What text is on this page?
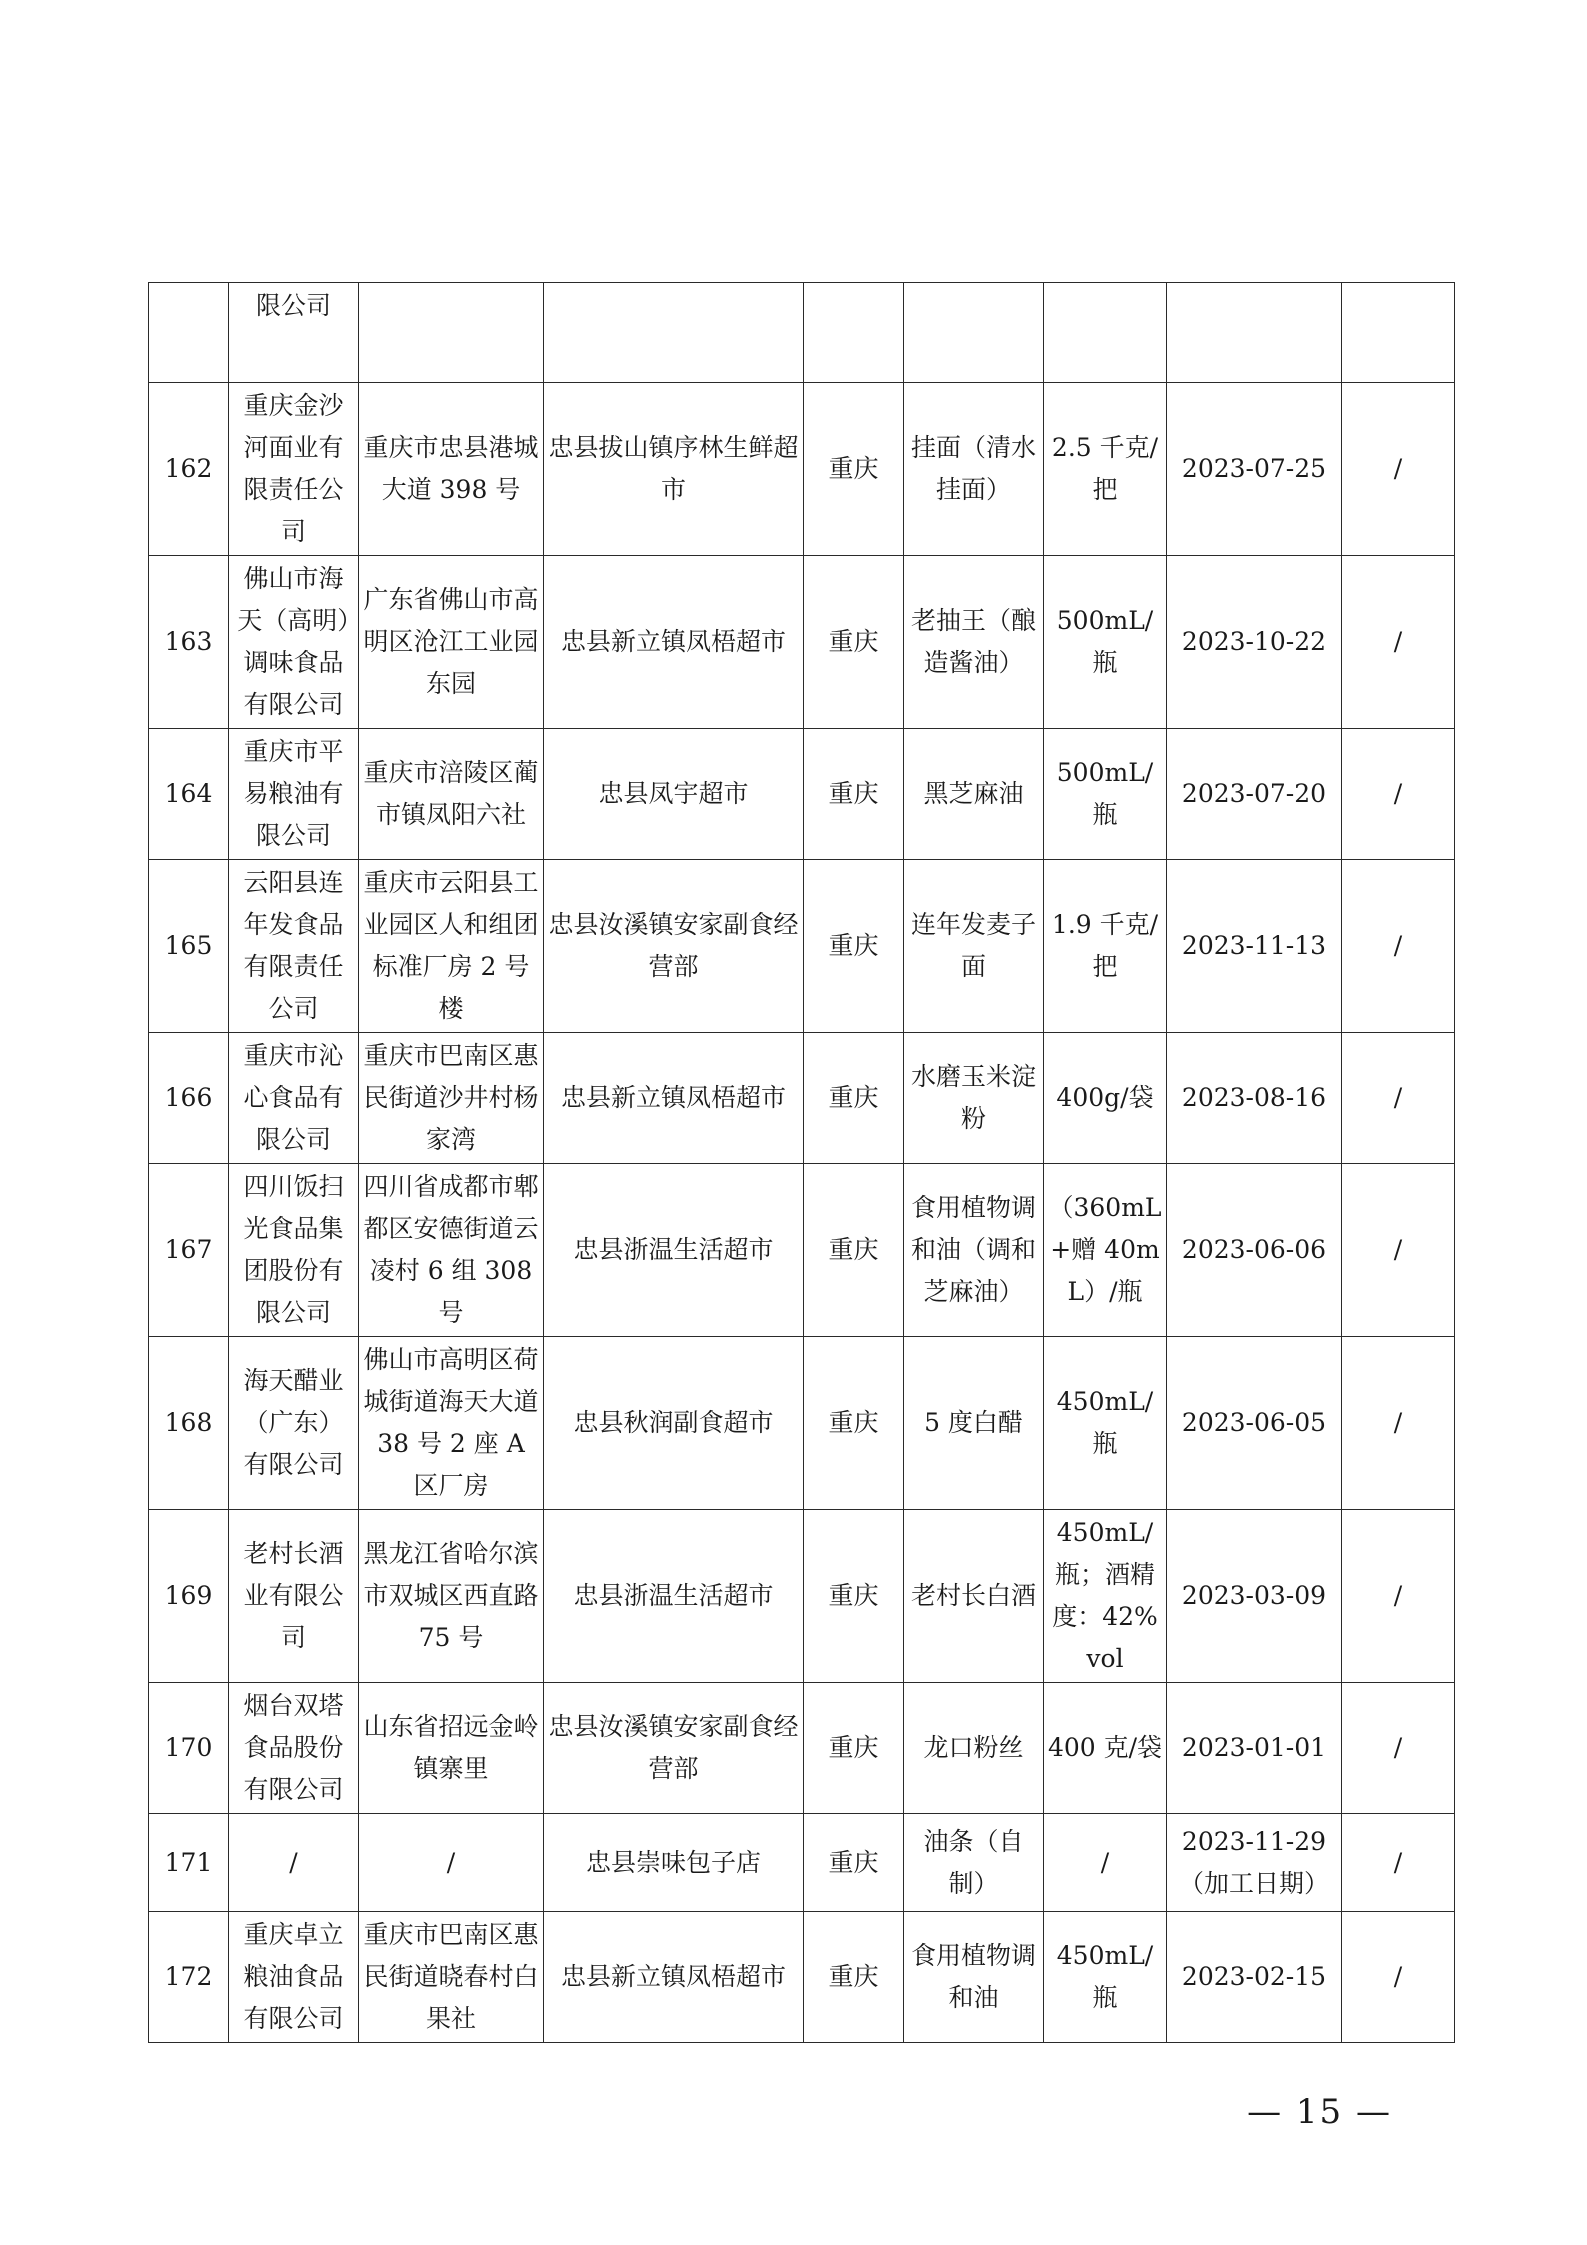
	限公司							
162	重庆金沙河面业有限责任公司	重庆市忠县港城大道 398 号	忠县拔山镇序林生鲜超市	重庆	挂面（清水挂面）	2.5 千克/把	2023-07-25	/
163	佛山市海天（高明）调味食品有限公司	广东省佛山市高明区沧江工业园东园	忠县新立镇凤梧超市	重庆	老抽王（酿造酱油）	500mL/瓶	2023-10-22	/
164	重庆市平易粮油有限公司	重庆市涪陵区蔺市镇凤阳六社	忠县凤宇超市	重庆	黑芝麻油	500mL/瓶	2023-07-20	/
165	云阳县连年发食品有限责任公司	重庆市云阳县工业园区人和组团标准厂房 2 号楼	忠县汝溪镇安家副食经营部	重庆	连年发麦子面	1.9 千克/把	2023-11-13	/
166	重庆市沁心食品有限公司	重庆市巴南区惠民街道沙井村杨家湾	忠县新立镇凤梧超市	重庆	水磨玉米淀粉	400g/袋	2023-08-16	/
167	四川饭扫光食品集团股份有限公司	四川省成都市郫都区安德街道云凌村 6 组 308 号	忠县浙温生活超市	重庆	食用植物调和油（调和芝麻油）	（360mL+赠 40mL）/瓶	2023-06-06	/
168	海天醋业（广东）有限公司	佛山市高明区荷城街道海天大道 38 号 2 座 A 区厂房	忠县秋润副食超市	重庆	5 度白醋	450mL/瓶	2023-06-05	/
169	老村长酒业有限公司	黑龙江省哈尔滨市双城区西直路 75 号	忠县浙温生活超市	重庆	老村长白酒	450mL/瓶；酒精度：42%vol	2023-03-09	/
170	烟台双塔食品股份有限公司	山东省招远金岭镇寨里	忠县汝溪镇安家副食经营部	重庆	龙口粉丝	400 克/袋	2023-01-01	/
171	/	/	忠县崇味包子店	重庆	油条（自制）	/	2023-11-29（加工日期）	/
172	重庆卓立粮油食品有限公司	重庆市巴南区惠民街道晓春村白果社	忠县新立镇凤梧超市	重庆	食用植物调和油	450mL/瓶	2023-02-15	/
— 15 —
